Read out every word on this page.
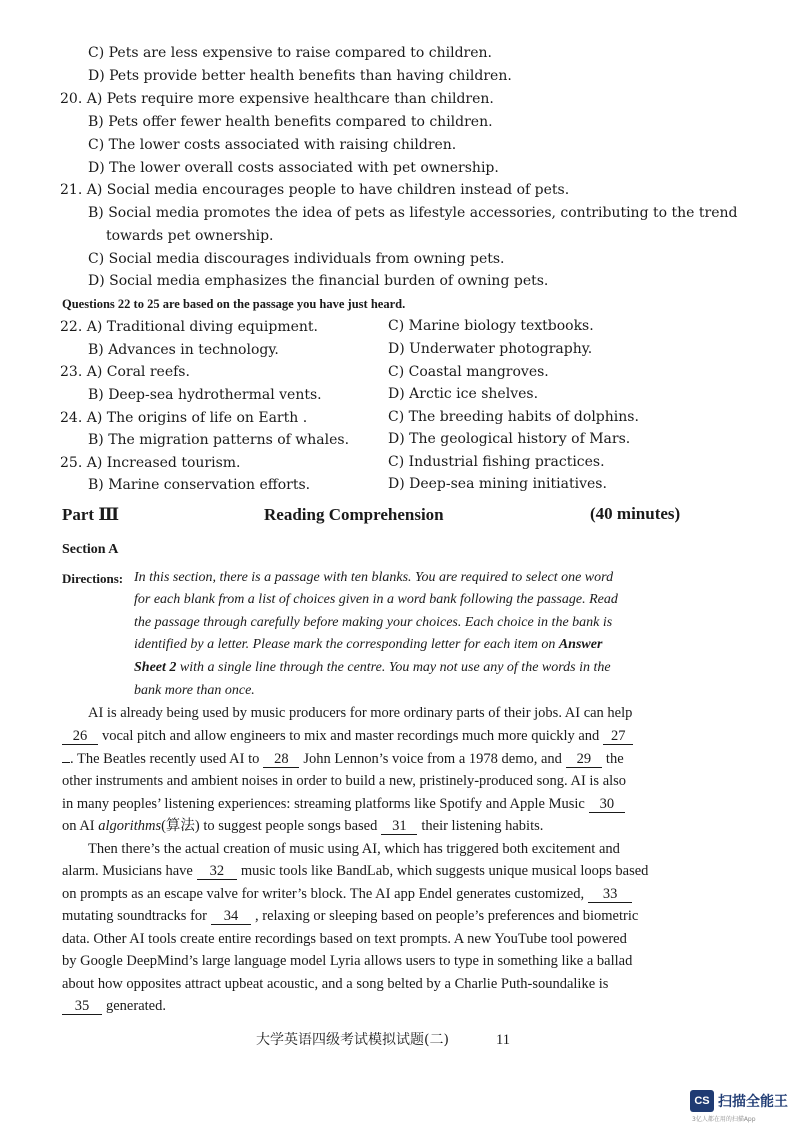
C) Pets are less expensive to raise compared to children.
D) Pets provide better health benefits than having children.
20. A) Pets require more expensive healthcare than children.
B) Pets offer fewer health benefits compared to children.
C) The lower costs associated with raising children.
D) The lower overall costs associated with pet ownership.
21. A) Social media encourages people to have children instead of pets.
B) Social media promotes the idea of pets as lifestyle accessories, contributing to the trend
towards pet ownership.
C) Social media discourages individuals from owning pets.
D) Social media emphasizes the financial burden of owning pets.
Questions 22 to 25 are based on the passage you have just heard.
22. A) Traditional diving equipment.	C) Marine biology textbooks.
B) Advances in technology.	D) Underwater photography.
23. A) Coral reefs.	C) Coastal mangroves.
B) Deep-sea hydrothermal vents.	D) Arctic ice shelves.
24. A) The origins of life on Earth .	C) The breeding habits of dolphins.
B) The migration patterns of whales.	D) The geological history of Mars.
25. A) Increased tourism.	C) Industrial fishing practices.
B) Marine conservation efforts.	D) Deep-sea mining initiatives.
Part Ⅲ	Reading Comprehension	(40 minutes)
Section A
Directions: In this section, there is a passage with ten blanks. You are required to select one word
for each blank from a list of choices given in a word bank following the passage. Read
the passage through carefully before making your choices. Each choice in the bank is
identified by a letter. Please mark the corresponding letter for each item on Answer
Sheet 2 with a single line through the centre. You may not use any of the words in the
bank more than once.
AI is already being used by music producers for more ordinary parts of their jobs. AI can help
26 vocal pitch and allow engineers to mix and master recordings much more quickly and 27
. The Beatles recently used AI to 28 John Lennon’s voice from a 1978 demo, and 29 the
other instruments and ambient noises in order to build a new, pristinely-produced song. AI is also
in many peoples’ listening experiences: streaming platforms like Spotify and Apple Music 30
on AI algorithms(算法) to suggest people songs based 31 their listening habits.
Then there’s the actual creation of music using AI, which has triggered both excitement and
alarm. Musicians have 32 music tools like BandLab, which suggests unique musical loops based
on prompts as an escape valve for writer’s block. The AI app Endel generates customized, 33
mutating soundtracks for 34 , relaxing or sleeping based on people’s preferences and biometric
data. Other AI tools create entire recordings based on text prompts. A new YouTube tool powered
by Google DeepMind’s large language model Lyria allows users to type in something like a ballad
about how opposites attract upbeat acoustic, and a song belted by a Charlie Puth-soundalike is
35 generated.
大学英语四级考试模拟试题(二)	11
CS 扫描全能王
3亿人都在用的扫描App
